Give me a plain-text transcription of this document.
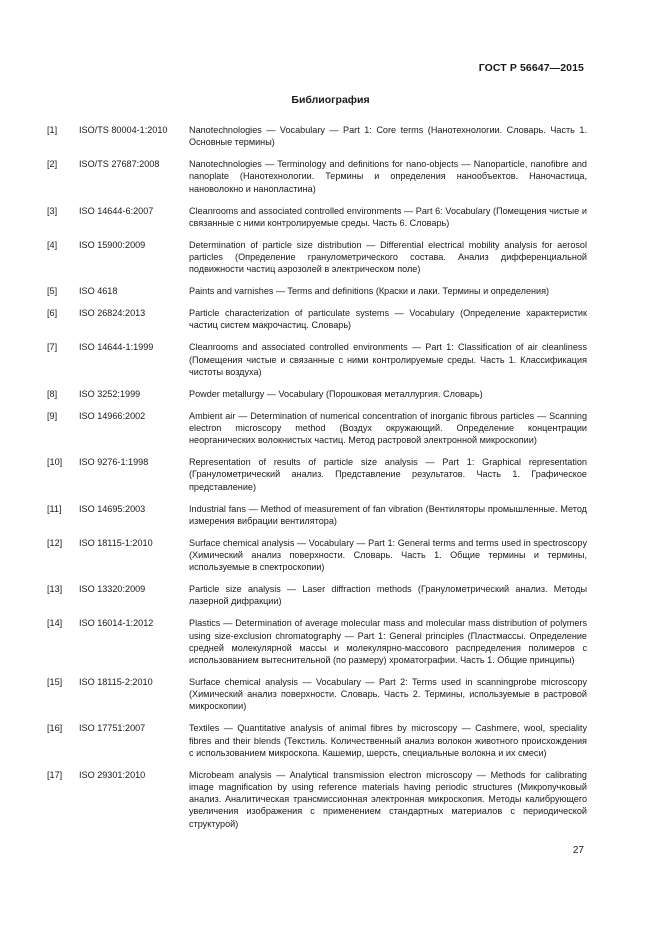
ГОСТ Р 56647—2015
Библиография
[1]	ISO/TS 80004-1:2010	Nanotechnologies — Vocabulary — Part 1: Core terms (Нанотехнологии. Словарь. Часть 1. Основные термины)
[2]	ISO/TS 27687:2008	Nanotechnologies — Terminology and definitions for nano-objects — Nanoparticle, nanofibre and nanoplate (Нанотехнологии. Термины и определения нанообъектов. Наночастица, нановолокно и нанопластина)
[3]	ISO 14644-6:2007	Cleanrooms and associated controlled environments — Part 6: Vocabulary (Помещения чистые и связанные с ними контролируемые среды. Часть 6. Словарь)
[4]	ISO 15900:2009	Determination of particle size distribution — Differential electrical mobility analysis for aerosol particles (Определение гранулометрического состава. Анализ дифференциальной подвижности частиц аэрозолей в электрическом поле)
[5]	ISO 4618	Paints and varnishes — Terms and definitions (Краски и лаки. Термины и определения)
[6]	ISO 26824:2013	Particle characterization of particulate systems — Vocabulary (Определение характеристик частиц систем макрочастиц. Словарь)
[7]	ISO 14644-1:1999	Cleanrooms and associated controlled environments — Part 1: Classification of air cleanliness (Помещения чистые и связанные с ними контролируемые среды. Часть 1. Классификация чистоты воздуха)
[8]	ISO 3252:1999	Powder metallurgy — Vocabulary (Порошковая металлургия. Словарь)
[9]	ISO 14966:2002	Ambient air — Determination of numerical concentration of inorganic fibrous particles — Scanning electron microscopy method (Воздух окружающий. Определение концентрации неорганических волокнистых частиц. Метод растровой электронной микроскопии)
[10]	ISO 9276-1:1998	Representation of results of particle size analysis — Part 1: Graphical representation (Гранулометрический анализ. Представление результатов. Часть 1. Графическое представление)
[11]	ISO 14695:2003	Industrial fans — Method of measurement of fan vibration (Вентиляторы промышленные. Метод измерения вибрации вентилятора)
[12]	ISO 18115-1:2010	Surface chemical analysis — Vocabulary — Part 1: General terms and terms used in spectroscopy (Химический анализ поверхности. Словарь. Часть 1. Общие термины и термины, используемые в спектроскопии)
[13]	ISO 13320:2009	Particle size analysis — Laser diffraction methods (Гранулометрический анализ. Методы лазерной дифракции)
[14]	ISO 16014-1:2012	Plastics — Determination of average molecular mass and molecular mass distribution of polymers using size-exclusion chromatography — Part 1: General principles (Пластмассы. Определение средней молекулярной массы и молекулярно-массового распределения полимеров с использованием вытеснительной (по размеру) хроматографии. Часть 1. Общие принципы)
[15]	ISO 18115-2:2010	Surface chemical analysis — Vocabulary — Part 2: Terms used in scanningprobe microscopy (Химический анализ поверхности. Словарь. Часть 2. Термины, используемые в растровой микроскопии)
[16]	ISO 17751:2007	Textiles — Quantitative analysis of animal fibres by microscopy — Cashmere, wool, speciality fibres and their blends (Текстиль. Количественный анализ волокон животного происхождения с использованием микроскопа. Кашемир, шерсть, специальные волокна и их смеси)
[17]	ISO 29301:2010	Microbeam analysis — Analytical transmission electron microscopy — Methods for calibrating image magnification by using reference materials having periodic structures (Микропучковый анализ. Аналитическая трансмиссионная электронная микроскопия. Методы калибрующего увеличения изображения с применением стандартных материалов с периодической структурой)
27
